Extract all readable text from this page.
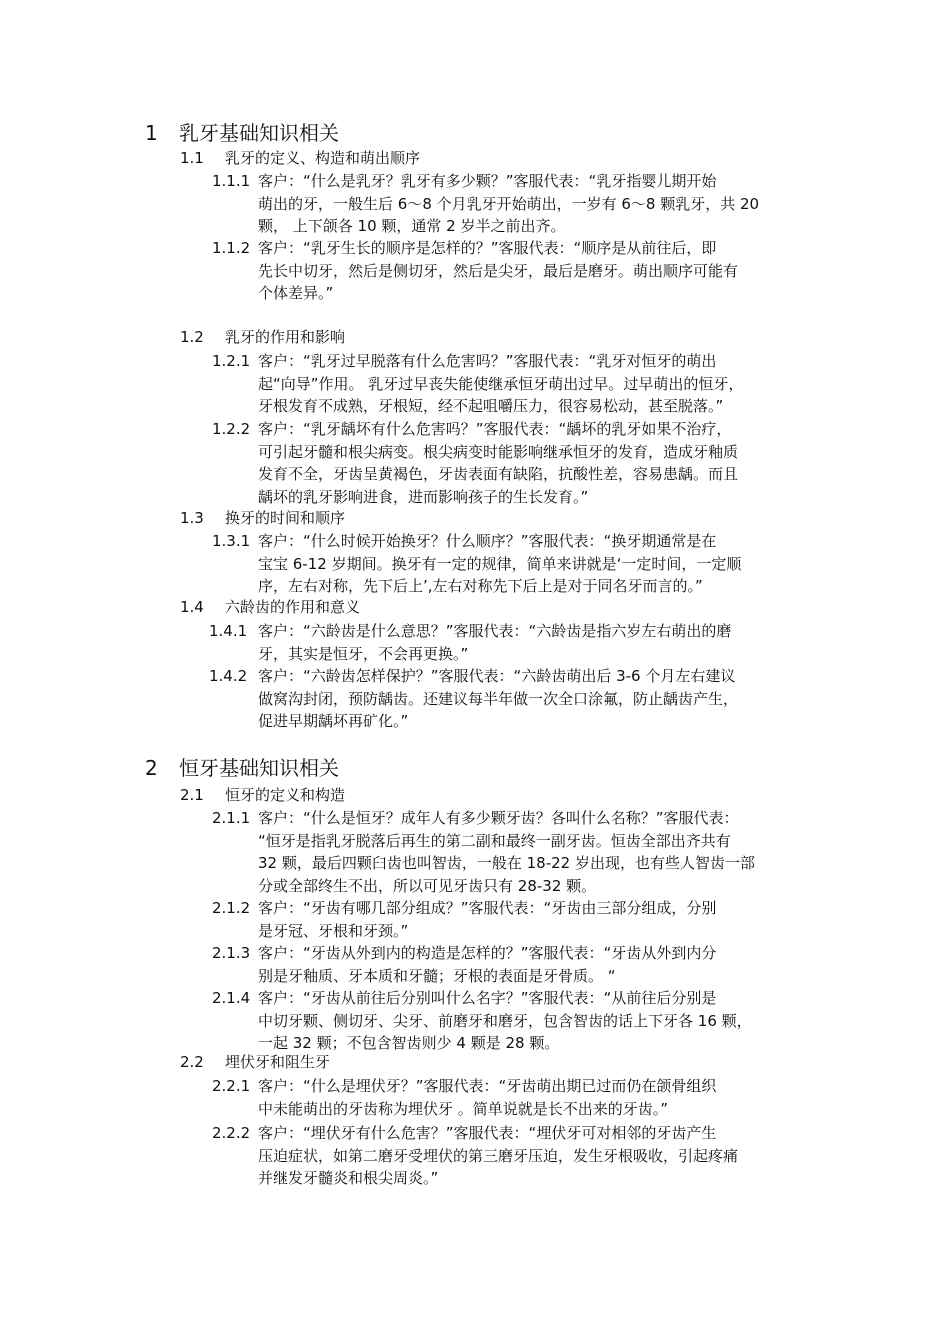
1 乳牙基础知识相关
1.1 乳牙的定义、构造和萌出顺序
1.1.1 客户：“什么是乳牙？乳牙有多少颗？”客服代表：“乳牙指婴儿期开始
萌出的牙，一般生后 6～8 个月乳牙开始萌出，一岁有 6～8 颗乳牙，共 20
颗， 上下颌各 10 颗，通常 2 岁半之前出齐。
1.1.2 客户：“乳牙生长的顺序是怎样的？”客服代表：“顺序是从前往后，即
先长中切牙，然后是侧切牙，然后是尖牙，最后是磨牙。萌出顺序可能有
个体差异。”
1.2 乳牙的作用和影响
1.2.1 客户：“乳牙过早脱落有什么危害吗？”客服代表：“乳牙对恒牙的萌出
起“向导”作用。 乳牙过早丧失能使继承恒牙萌出过早。过早萌出的恒牙，
牙根发育不成熟，牙根短，经不起咀嚼压力，很容易松动，甚至脱落。”
1.2.2 客户：“乳牙龋坏有什么危害吗？”客服代表：“龋坏的乳牙如果不治疗，
可引起牙髓和根尖病变。根尖病变时能影响继承恒牙的发育，造成牙釉质
发育不全，牙齿呈黄褐色，牙齿表面有缺陷，抗酸性差，容易患龋。而且
龋坏的乳牙影响进食，进而影响孩子的生长发育。”
1.3 换牙的时间和顺序
1.3.1 客户：“什么时候开始换牙？什么顺序？”客服代表：“换牙期通常是在
宝宝 6-12 岁期间。换牙有一定的规律，简单来讲就是‘一定时间，一定顺
序，左右对称，先下后上’,左右对称先下后上是对于同名牙而言的。”
1.4 六龄齿的作用和意义
1.4.1 客户：“六龄齿是什么意思？”客服代表：“六龄齿是指六岁左右萌出的磨
牙，其实是恒牙，不会再更换。”
1.4.2 客户：“六龄齿怎样保护？”客服代表：“六龄齿萌出后 3-6 个月左右建议
做窝沟封闭，预防龋齿。还建议每半年做一次全口涂氟，防止龋齿产生，
促进早期龋坏再矿化。”
2 恒牙基础知识相关
2.1 恒牙的定义和构造
2.1.1 客户：“什么是恒牙？成年人有多少颗牙齿？各叫什么名称？”客服代表：
“恒牙是指乳牙脱落后再生的第二副和最终一副牙齿。恒齿全部出齐共有
32 颗，最后四颗臼齿也叫智齿，一般在 18-22 岁出现，也有些人智齿一部
分或全部终生不出，所以可见牙齿只有 28-32 颗。
2.1.2 客户：“牙齿有哪几部分组成？”客服代表：“牙齿由三部分组成，分别
是牙冠、牙根和牙颈。”
2.1.3 客户：“牙齿从外到内的构造是怎样的？”客服代表：“牙齿从外到内分
别是牙釉质、牙本质和牙髓；牙根的表面是牙骨质。 “
2.1.4 客户：“牙齿从前往后分别叫什么名字？”客服代表：“从前往后分别是
中切牙颗、侧切牙、尖牙、前磨牙和磨牙，包含智齿的话上下牙各 16 颗，
一起 32 颗；不包含智齿则少 4 颗是 28 颗。
2.2 埋伏牙和阻生牙
2.2.1 客户：“什么是埋伏牙？”客服代表：“牙齿萌出期已过而仍在颌骨组织
中未能萌出的牙齿称为埋伏牙 。简单说就是长不出来的牙齿。”
2.2.2 客户：“埋伏牙有什么危害？”客服代表：“埋伏牙可对相邻的牙齿产生
压迫症状，如第二磨牙受埋伏的第三磨牙压迫，发生牙根吸收，引起疼痛
并继发牙髓炎和根尖周炎。”
